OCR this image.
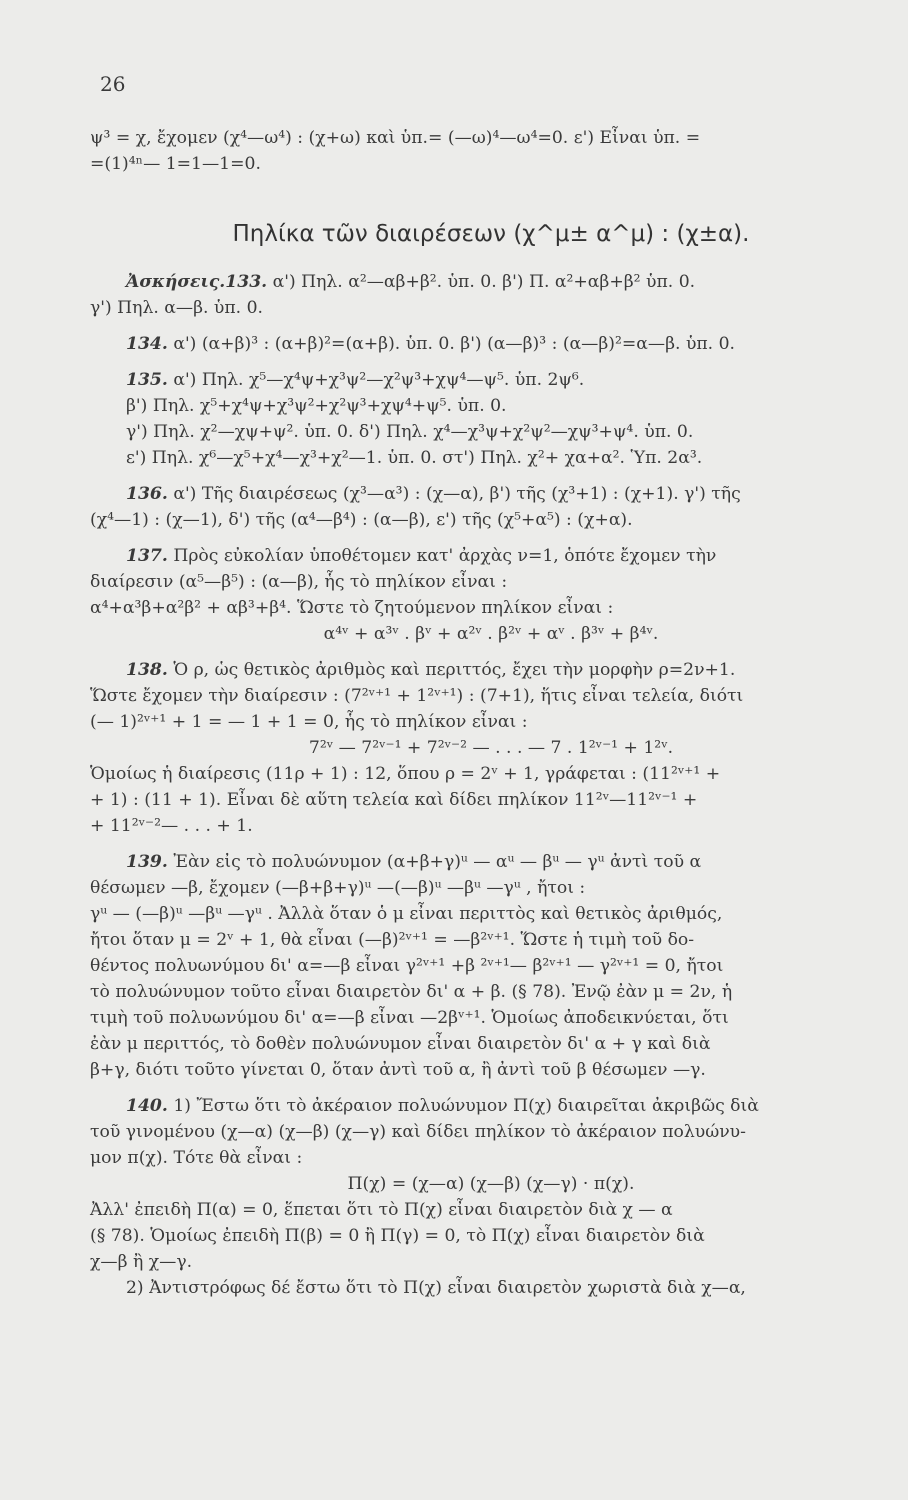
26
ψ³ = χ, ἔχομεν (χ⁴—ω⁴) : (χ+ω) καὶ ὑπ.= (—ω)⁴—ω⁴=0. ε') Εἶναι ὑπ. =
=(1)⁴ⁿ— 1=1—1=0.
Πηλίκα τῶν διαιρέσεων (χ^μ± α^μ) : (χ±α).
Ἀσκήσεις.133. α') Πηλ. α²—αβ+β². ὑπ. 0. β') Π. α²+αβ+β² ὑπ. 0.
γ') Πηλ. α—β. ὑπ. 0.
134. α') (α+β)³ : (α+β)²=(α+β). ὑπ. 0. β') (α—β)³ : (α—β)²=α—β. ὑπ. 0.
135. α') Πηλ. χ⁵—χ⁴ψ+χ³ψ²—χ²ψ³+χψ⁴—ψ⁵. ὑπ. 2ψ⁶.
β') Πηλ. χ⁵+χ⁴ψ+χ³ψ²+χ²ψ³+χψ⁴+ψ⁵. ὑπ. 0.
γ') Πηλ. χ²—χψ+ψ². ὑπ. 0. δ') Πηλ. χ⁴—χ³ψ+χ²ψ²—χψ³+ψ⁴. ὑπ. 0.
ε') Πηλ. χ⁶—χ⁵+χ⁴—χ³+χ²—1. ὑπ. 0. στ') Πηλ. χ²+ χα+α². Ὑπ. 2α³.
136. α') Τῆς διαιρέσεως (χ³—α³) : (χ—α), β') τῆς (χ³+1) : (χ+1). γ') τῆς
(χ⁴—1) : (χ—1), δ') τῆς (α⁴—β⁴) : (α—β), ε') τῆς (χ⁵+α⁵) : (χ+α).
137. Πρὸς εὐκολίαν ὑποθέτομεν κατ' ἀρχὰς ν=1, ὁπότε ἔχομεν τὴν
διαίρεσιν (α⁵—β⁵) : (α—β), ἧς τὸ πηλίκον εἶναι :
α⁴+α³β+α²β² + αβ³+β⁴. Ὥστε τὸ ζητούμενον πηλίκον εἶναι :
α⁴ᵛ + α³ᵛ . βᵛ + α²ᵛ . β²ᵛ + αᵛ . β³ᵛ + β⁴ᵛ.
138. Ὁ ρ, ὡς θετικὸς ἀριθμὸς καὶ περιττός, ἔχει τὴν μορφὴν ρ=2ν+1.
Ὥστε ἔχομεν τὴν διαίρεσιν : (7²ᵛ⁺¹ + 1²ᵛ⁺¹) : (7+1), ἥτις εἶναι τελεία, διότι
(— 1)²ᵛ⁺¹ + 1 = — 1 + 1 = 0, ἧς τὸ πηλίκον εἶναι :
7²ᵛ — 7²ᵛ⁻¹ + 7²ᵛ⁻² — . . . — 7 . 1²ᵛ⁻¹ + 1²ᵛ.
Ὁμοίως ἡ διαίρεσις (11ρ + 1) : 12, ὅπου ρ = 2ᵛ + 1, γράφεται : (11²ᵛ⁺¹ +
+ 1) : (11 + 1). Εἶναι δὲ αὕτη τελεία καὶ δίδει πηλίκον 11²ᵛ—11²ᵛ⁻¹ +
+ 11²ᵛ⁻²— . . . + 1.
139. Ἐὰν εἰς τὸ πολυώνυμον (α+β+γ)ᵘ — αᵘ — βᵘ — γᵘ ἀντὶ τοῦ α
θέσωμεν —β, ἔχομεν (—β+β+γ)ᵘ —(—β)ᵘ —βᵘ —γᵘ , ἤτοι :
γᵘ — (—β)ᵘ —βᵘ —γᵘ . Ἀλλὰ ὅταν ὁ μ εἶναι περιττὸς καὶ θετικὸς ἀριθμός,
ἤτοι ὅταν μ = 2ᵛ + 1, θὰ εἶναι (—β)²ᵛ⁺¹ = —β²ᵛ⁺¹. Ὥστε ἡ τιμὴ τοῦ δο-
θέντος πολυωνύμου δι' α=—β εἶναι γ²ᵛ⁺¹ +β ²ᵛ⁺¹— β²ᵛ⁺¹ — γ²ᵛ⁺¹ = 0, ἤτοι
τὸ πολυώνυμον τοῦτο εἶναι διαιρετὸν δι' α + β. (§ 78). Ἐνῷ ἐὰν μ = 2ν, ἡ
τιμὴ τοῦ πολυωνύμου δι' α=—β εἶναι —2βᵛ⁺¹. Ὁμοίως ἀποδεικνύεται, ὅτι
ἐὰν μ περιττός, τὸ δοθὲν πολυώνυμον εἶναι διαιρετὸν δι' α + γ καὶ διὰ
β+γ, διότι τοῦτο γίνεται 0, ὅταν ἀντὶ τοῦ α, ἢ ἀντὶ τοῦ β θέσωμεν —γ.
140. 1) Ἔστω ὅτι τὸ ἀκέραιον πολυώνυμον Π(χ) διαιρεῖται ἀκριβῶς διὰ
τοῦ γινομένου (χ—α) (χ—β) (χ—γ) καὶ δίδει πηλίκον τὸ ἀκέραιον πολυώνυ-
μον π(χ). Τότε θὰ εἶναι :
Π(χ) = (χ—α) (χ—β) (χ—γ) · π(χ).
Ἀλλ' ἐπειδὴ Π(α) = 0, ἕπεται ὅτι τὸ Π(χ) εἶναι διαιρετὸν διὰ χ — α
(§ 78). Ὁμοίως ἐπειδὴ Π(β) = 0 ἢ Π(γ) = 0, τὸ Π(χ) εἶναι διαιρετὸν διὰ
χ—β ἢ χ—γ.
2) Ἀντιστρόφως δέ ἔστω ὅτι τὸ Π(χ) εἶναι διαιρετὸν χωριστὰ διὰ χ—α,
